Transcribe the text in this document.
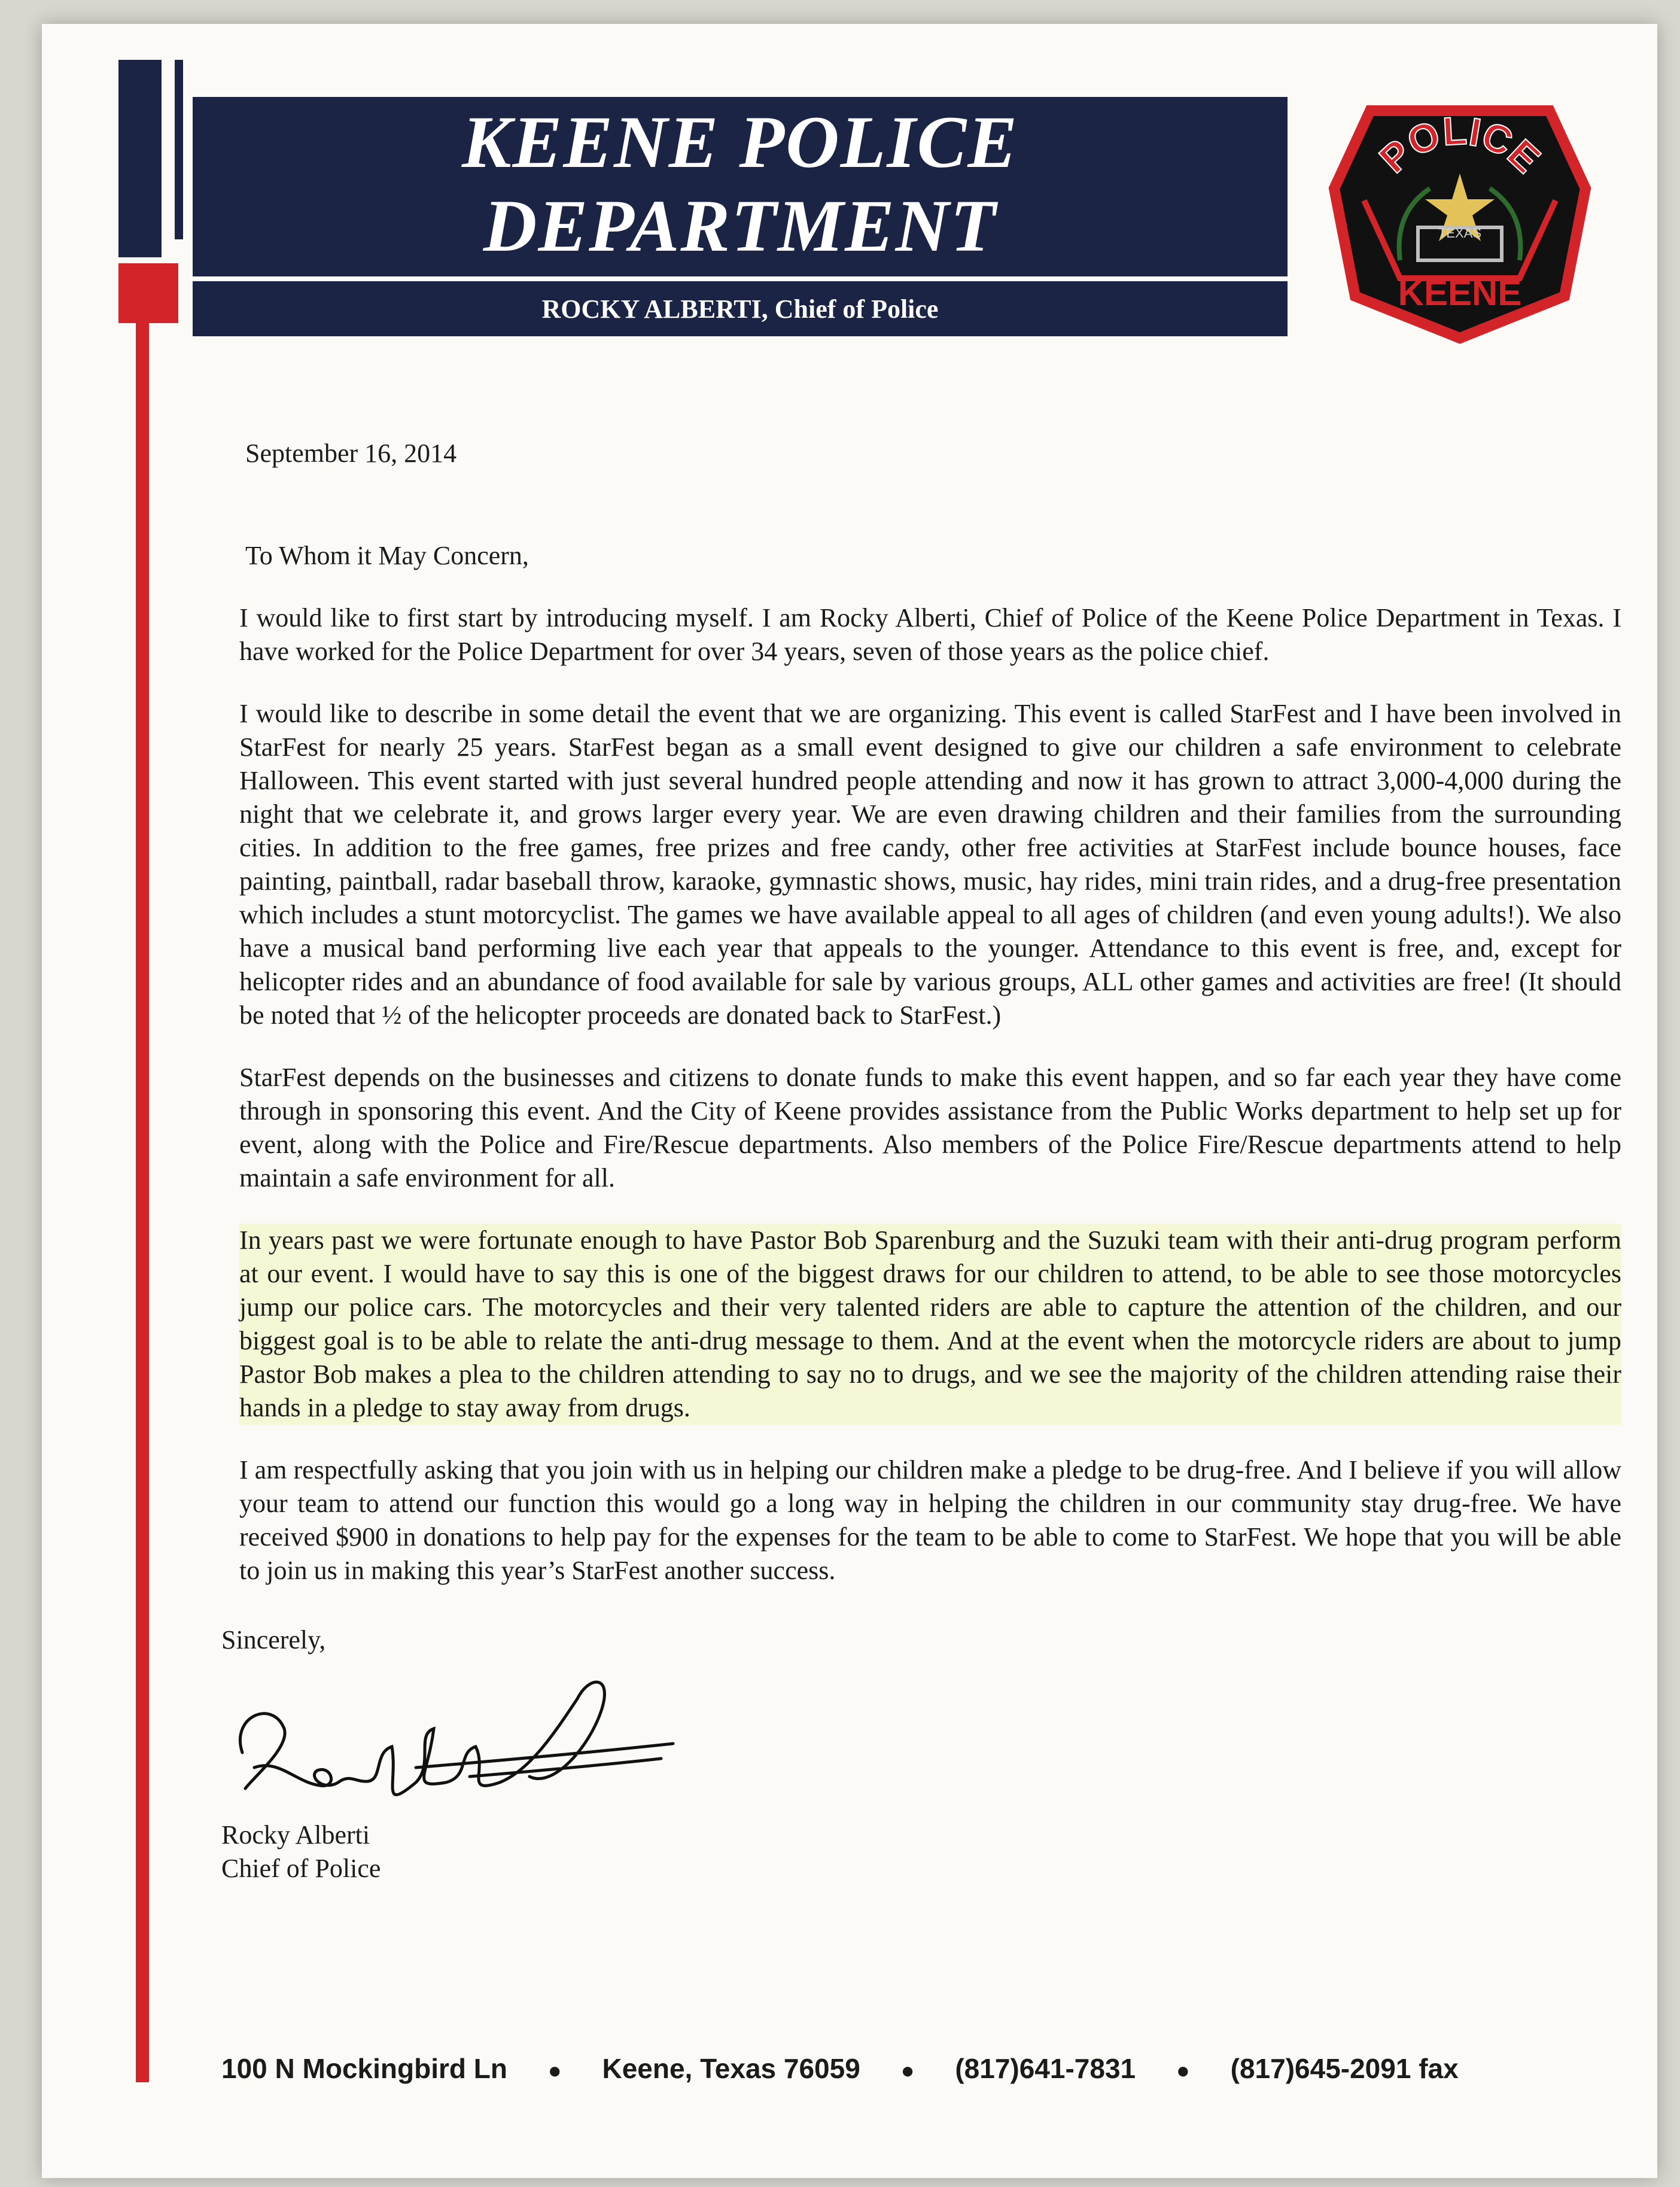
KEENE POLICE
DEPARTMENT
ROCKY ALBERTI, Chief of Police
POLICE
TEXAS
KEENE
September 16, 2014
To Whom it May Concern,

I would like to first start by introducing myself. I am Rocky Alberti, Chief of Police of the Keene Police Department in Texas. I have worked for the Police Department for over 34 years, seven of those years as the police chief.

I would like to describe in some detail the event that we are organizing. This event is called StarFest and I have been involved in StarFest for nearly 25 years. StarFest began as a small event designed to give our children a safe environment to celebrate Halloween. This event started with just several hundred people attending and now it has grown to attract 3,000-4,000 during the night that we celebrate it, and grows larger every year. We are even drawing children and their families from the surrounding cities. In addition to the free games, free prizes and free candy, other free activities at StarFest include bounce houses, face painting, paintball, radar baseball throw, karaoke, gymnastic shows, music, hay rides, mini train rides, and a drug-free presentation which includes a stunt motorcyclist. The games we have available appeal to all ages of children (and even young adults!). We also have a musical band performing live each year that appeals to the younger. Attendance to this event is free, and, except for helicopter rides and an abundance of food available for sale by various groups, ALL other games and activities are free! (It should be noted that ½ of the helicopter proceeds are donated back to StarFest.)

StarFest depends on the businesses and citizens to donate funds to make this event happen, and so far each year they have come through in sponsoring this event. And the City of Keene provides assistance from the Public Works department to help set up for event, along with the Police and Fire/Rescue departments. Also members of the Police Fire/Rescue departments attend to help maintain a safe environment for all.

In years past we were fortunate enough to have Pastor Bob Sparenburg and the Suzuki team with their anti-drug program perform at our event. I would have to say this is one of the biggest draws for our children to attend, to be able to see those motorcycles jump our police cars. The motorcycles and their very talented riders are able to capture the attention of the children, and our biggest goal is to be able to relate the anti-drug message to them. And at the event when the motorcycle riders are about to jump Pastor Bob makes a plea to the children attending to say no to drugs, and we see the majority of the children attending raise their hands in a pledge to stay away from drugs.

I am respectfully asking that you join with us in helping our children make a pledge to be drug-free. And I believe if you will allow your team to attend our function this would go a long way in helping the children in our community stay drug-free. We have received $900 in donations to help pay for the expenses for the team to be able to come to StarFest. We hope that you will be able to join us in making this year’s StarFest another success.

Sincerely,
Rocky Alberti
Chief of Police
100 N Mockingbird Ln ● Keene, Texas 76059 ● (817)641-7831 ● (817)645-2091 fax
